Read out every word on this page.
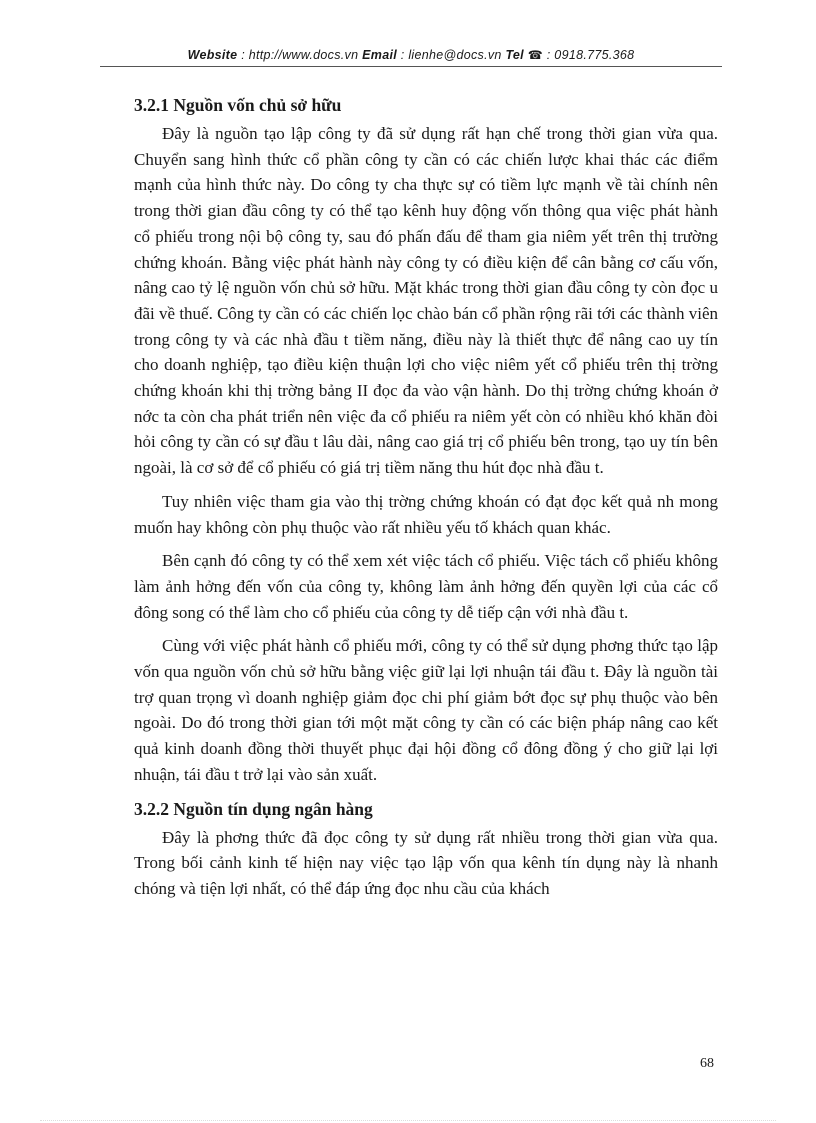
Website : http://www.docs.vn Email : lienhe@docs.vn Tel ☎ : 0918.775.368
3.2.1 Nguồn vốn chủ sở hữu

Đây là nguồn tạo lập công ty đã sử dụng rất hạn chế trong thời gian vừa qua. Chuyển sang hình thức cổ phần công ty cần có các chiến lược khai thác các điểm mạnh của hình thức này. Do công ty cha thực sự có tiềm lực mạnh về tài chính nên trong thời gian đầu công ty có thể tạo kênh huy động vốn thông qua việc phát hành cổ phiếu trong nội bộ công ty, sau đó phấn đấu để tham gia niêm yết trên thị trường chứng khoán. Bằng việc phát hành này công ty có điều kiện để cân bằng cơ cấu vốn, nâng cao tỷ lệ nguồn vốn chủ sở hữu. Mặt khác trong thời gian đầu công ty còn đọc u đãi về thuế. Công ty cần có các chiến lọc chào bán cổ phần rộng rãi tới các thành viên trong công ty và các nhà đầu t tiềm năng, điều này là thiết thực để nâng cao uy tín cho doanh nghiệp, tạo điều kiện thuận lợi cho việc niêm yết cổ phiếu trên thị trờng chứng khoán khi thị trờng bảng II đọc đa vào vận hành. Do thị trờng chứng khoán ở nớc ta còn cha phát triển nên việc đa cổ phiếu ra niêm yết còn có nhiều khó khăn đòi hỏi công ty cần có sự đầu t lâu dài, nâng cao giá trị cổ phiếu bên trong, tạo uy tín bên ngoài, là cơ sở để cổ phiếu có giá trị tiềm năng thu hút đọc nhà đầu t.

Tuy nhiên việc tham gia vào thị trờng chứng khoán có đạt đọc kết quả nh mong muốn hay không còn phụ thuộc vào rất nhiều yếu tố khách quan khác.

Bên cạnh đó công ty có thể xem xét việc tách cổ phiếu. Việc tách cổ phiếu không làm ảnh hởng đến vốn của công ty, không làm ảnh hởng đến quyền lợi của các cổ đông song có thể làm cho cổ phiếu của công ty dễ tiếp cận với nhà đầu t.

Cùng với việc phát hành cổ phiếu mới, công ty có thể sử dụng phơng thức tạo lập vốn qua nguồn vốn chủ sở hữu bằng việc giữ lại lợi nhuận tái đầu t. Đây là nguồn tài trợ quan trọng vì doanh nghiệp giảm đọc chi phí giảm bớt đọc sự phụ thuộc vào bên ngoài. Do đó trong thời gian tới một mặt công ty cần có các biện pháp nâng cao kết quả kinh doanh đồng thời thuyết phục đại hội đồng cổ đông đồng ý cho giữ lại lợi nhuận, tái đầu t trở lại vào sản xuất.

3.2.2 Nguồn tín dụng ngân hàng

Đây là phơng thức đã đọc công ty sử dụng rất nhiều trong thời gian vừa qua. Trong bối cảnh kinh tế hiện nay việc tạo lập vốn qua kênh tín dụng này là nhanh chóng và tiện lợi nhất, có thể đáp ứng đọc nhu cầu của khách

68
